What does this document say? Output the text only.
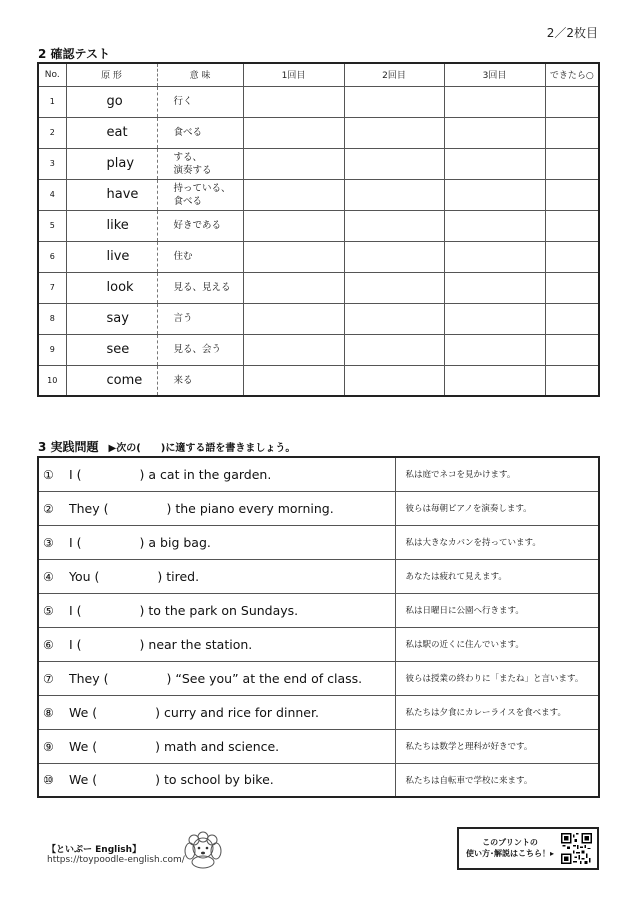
2／2枚目
2 確認テスト
No.	原 形	意 味	1回目	2回目	3回目	できたら○
1	go	行く				

2	eat	食べる				

3	play	する、
演奏する				

4	have	持っている、
食べる				

5	like	好きである				

6	live	住む				

7	look	見る、見える				

8	say	言う				

9	see	見る、会う				

10	come	来る				

3 実践問題 ▶次の(　　)に適する語を書きましょう。
① I ( ) a cat in the garden.	私は庭でネコを見かけます。
② They ( ) the piano every morning.	彼らは毎朝ピアノを演奏します。
③ I ( ) a big bag.	私は大きなカバンを持っています。
④ You ( ) tired.	あなたは疲れて見えます。
⑤ I ( ) to the park on Sundays.	私は日曜日に公園へ行きます。
⑥ I ( ) near the station.	私は駅の近くに住んでいます。
⑦ They ( ) “See you” at the end of class.	彼らは授業の終わりに「またね」と言います。
⑧ We ( ) curry and rice for dinner.	私たちは夕食にカレーライスを食べます。
⑨ We ( ) math and science.	私たちは数学と理科が好きです。
⑩ We ( ) to school by bike.	私たちは自転車で学校に来ます。
【といぷー English】
https://toypoodle-english.com/
このプリントの
使い方･解説はこちら！▸
